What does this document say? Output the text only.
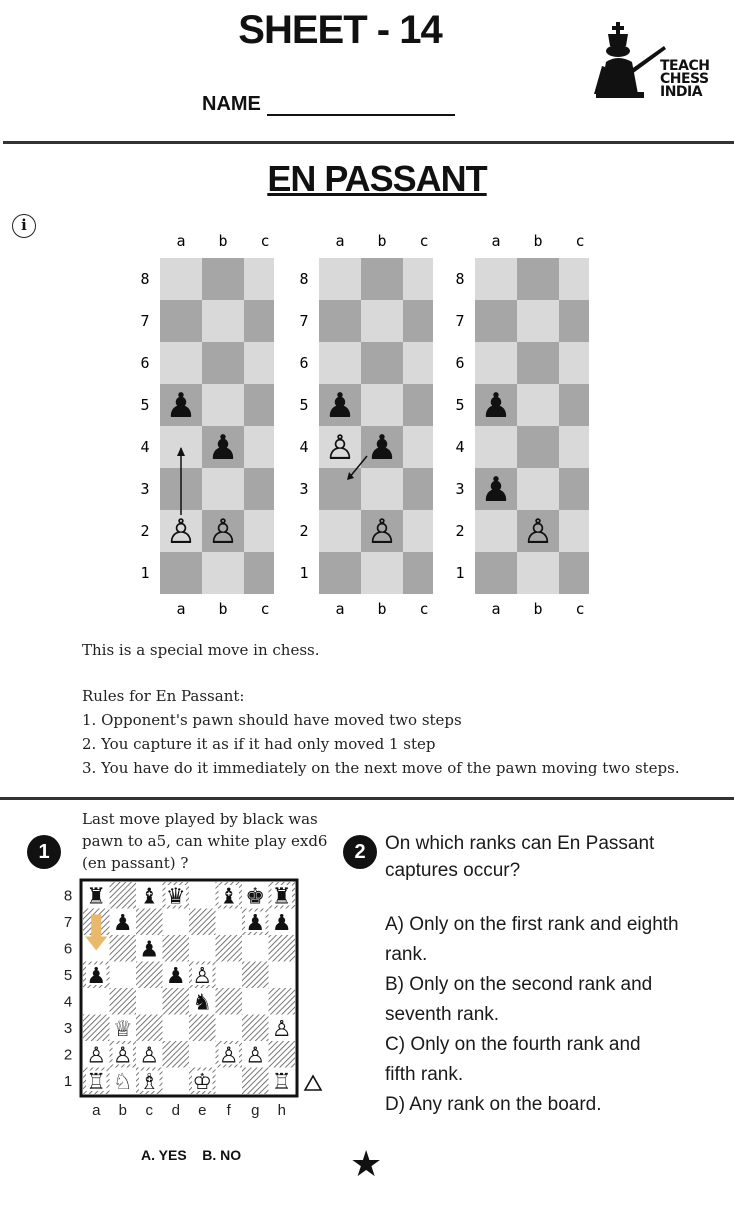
SHEET - 14
NAME
TEACH
CHESS
INDIA
EN PASSANT
i
a
a
b
b
c
c
8
7
6
5
4
3
2
1
♟
♟
♙ ♙
a
a
b
b
c
c
8
7
6
5
4
3
2
1
♟
♙ ♟
♙
a
a
b
b
c
c
8
7
6
5
4
3
2
1
♟
♟
♙
This is a special move in chess.
Rules for En Passant:
1. Opponent's pawn should have moved two steps
2. You capture it as if it had only moved 1 step
3. You have do it immediately on the next move of the pawn moving two steps.
1
Last move played by black was
pawn to a5, can white play exd6
(en passant) ?
a b c d e f g h
8
7
6
5
4
3
2
1
♜ ♝ ♛ ♝ ♚ ♜
♟	♟ ♟
♟
♟	♟ ♙
♞
♕	♙
♙ ♙ ♙	♙ ♙
♖ ♘ ♗ ♔	♖
A. YES    B. NO
2	On which ranks can En Passant
captures occur?
A) Only on the first rank and eighth
rank.
B) Only on the second rank and
seventh rank.
C) Only on the fourth rank and
fifth rank.
D) Any rank on the board.
★
